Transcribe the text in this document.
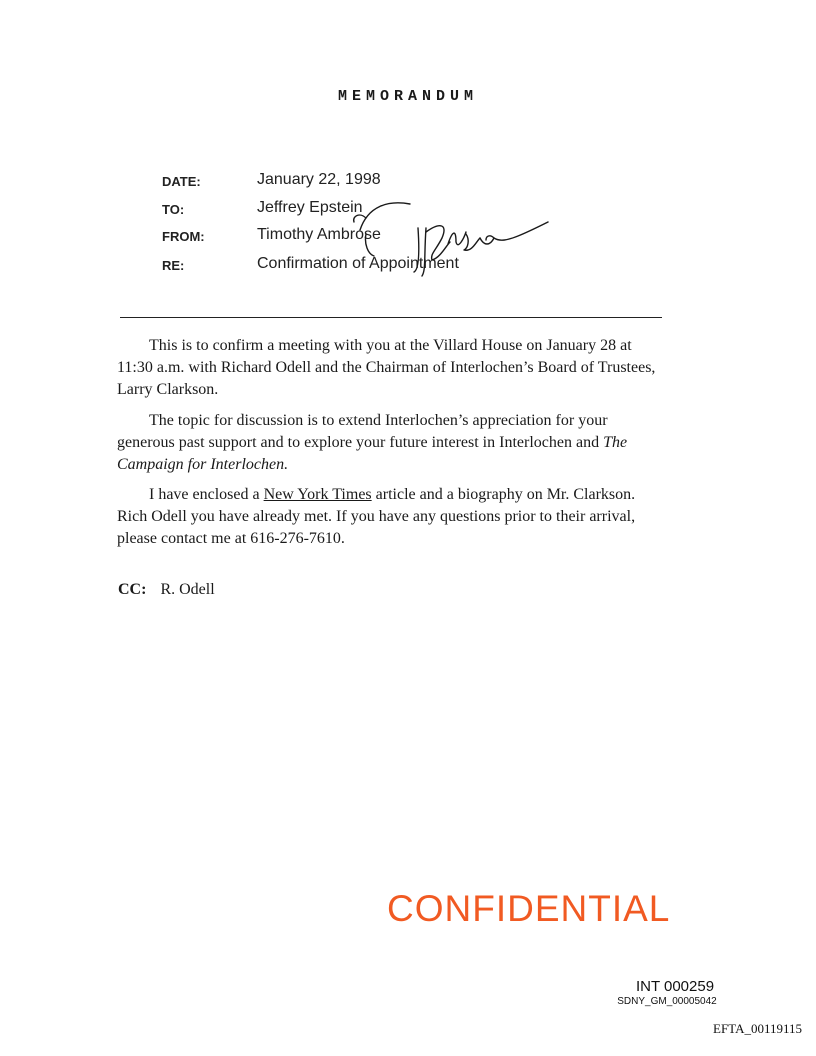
MEMORANDUM
DATE:	January 22, 1998
TO:	Jeffrey Epstein
FROM:	Timothy Ambrose
RE:	Confirmation of Appointment

This is to confirm a meeting with you at the Villard House on January 28 at 11:30 a.m. with Richard Odell and the Chairman of Interlochen’s Board of Trustees, Larry Clarkson.

The topic for discussion is to extend Interlochen’s appreciation for your generous past support and to explore your future interest in Interlochen and The Campaign for Interlochen.

I have enclosed a New York Times article and a biography on Mr. Clarkson. Rich Odell you have already met. If you have any questions prior to their arrival, please contact me at 616-276-7610.

CC: R. Odell
CONFIDENTIAL
INT 000259
SDNY_GM_00005042
EFTA_00119115
